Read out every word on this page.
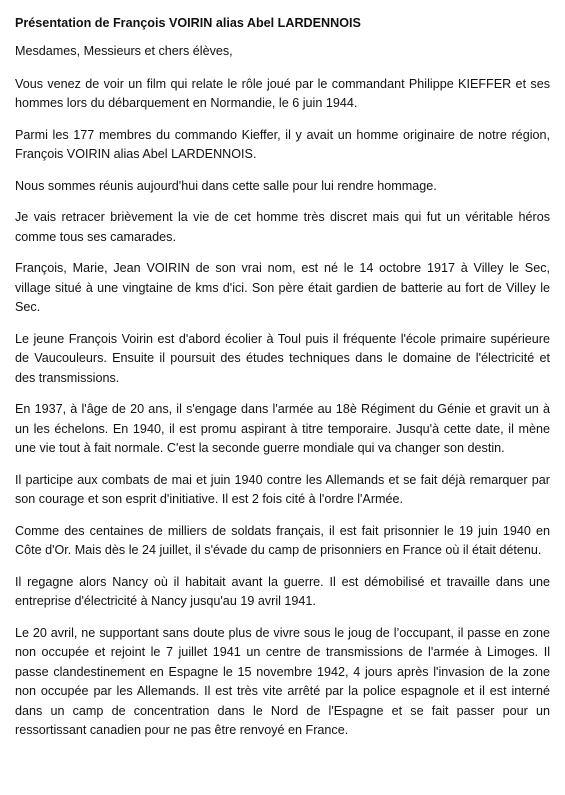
Présentation de François VOIRIN alias Abel LARDENNOIS

Mesdames, Messieurs et chers élèves,

Vous venez de voir un film qui relate le rôle joué par le commandant Philippe KIEFFER et ses hommes lors du débarquement en Normandie, le 6 juin 1944.

Parmi les 177 membres du commando Kieffer, il y avait un homme originaire de notre région, François VOIRIN alias Abel LARDENNOIS.

Nous sommes réunis aujourd'hui dans cette salle pour lui rendre hommage.

Je vais retracer brièvement la vie de cet homme très discret mais qui fut un véritable héros comme tous ses camarades.

François, Marie, Jean VOIRIN de son vrai nom, est né le 14 octobre 1917 à Villey le Sec, village situé à une vingtaine de kms d'ici. Son père était gardien de batterie au fort de Villey le Sec.

Le jeune François Voirin est d'abord écolier à Toul puis il fréquente l'école primaire supérieure de Vaucouleurs. Ensuite il poursuit des études techniques dans le domaine de l'électricité et des transmissions.

En 1937, à l'âge de 20 ans, il s'engage dans l'armée au 18è Régiment du Génie et gravit un à un les échelons. En 1940, il est promu aspirant à titre temporaire. Jusqu'à cette date, il mène une vie tout à fait normale. C'est la seconde guerre mondiale qui va changer son destin.

Il participe aux combats de mai et juin 1940 contre les Allemands et se fait déjà remarquer par son courage et son esprit d'initiative. Il est 2 fois cité à l'ordre l'Armée.

Comme des centaines de milliers de soldats français, il est fait prisonnier le 19 juin 1940 en Côte d'Or. Mais dès le 24 juillet, il s'évade du camp de prisonniers en France où il était détenu.

Il regagne alors Nancy où il habitait avant la guerre. Il est démobilisé et travaille dans une entreprise d'électricité à Nancy jusqu'au 19 avril 1941.

Le 20 avril, ne supportant sans doute plus de vivre sous le joug de l’occupant, il passe en zone non occupée et rejoint le 7 juillet 1941 un centre de transmissions de l'armée à Limoges. Il passe clandestinement en Espagne le 15 novembre 1942, 4 jours après l'invasion de la zone non occupée par les Allemands. Il est très vite arrêté par la police espagnole et il est interné dans un camp de concentration dans le Nord de l'Espagne et se fait passer pour un ressortissant canadien pour ne pas être renvoyé en France.
